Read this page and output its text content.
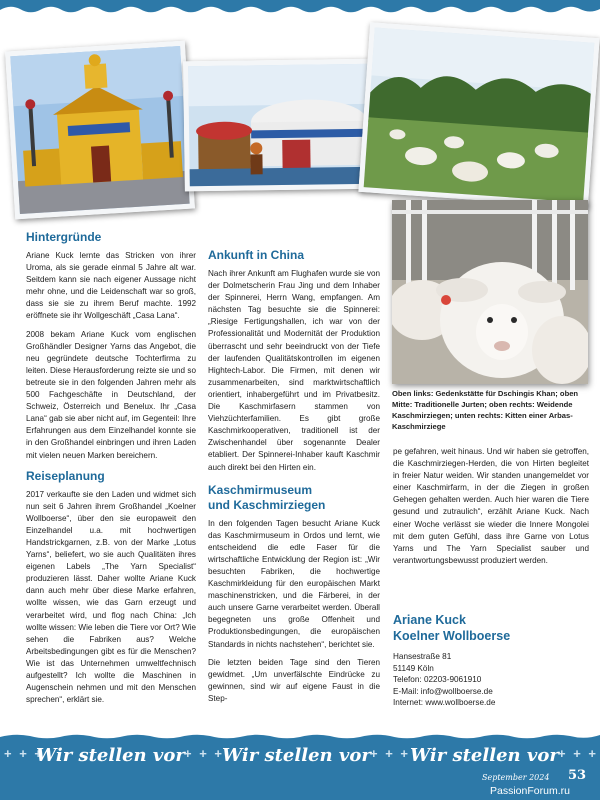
Hintergründe

Ariane Kuck lernte das Stricken von ihrer Uroma, als sie gerade einmal 5 Jahre alt war. Seitdem kann sie nach eigener Aussage nicht mehr ohne, und die Leidenschaft war so groß, dass sie sie zu ihrem Beruf machte. 1992 eröffnete sie ihr Wollgeschäft „Casa Lana“.

2008 bekam Ariane Kuck vom englischen Großhändler Designer Yarns das Angebot, die neu gegründete deutsche Tochterfirma zu leiten. Diese Herausforderung reizte sie und so betreute sie in den folgenden Jahren mehr als 500 Fachgeschäfte in Deutschland, der Schweiz, Österreich und Benelux. Ihr „Casa Lana“ gab sie aber nicht auf, im Gegenteil: Ihre Erfahrungen aus dem Einzelhandel konnte sie in den Großhandel einbringen und ihren Laden mit vielen neuen Marken bereichern.

Reiseplanung

2017 verkaufte sie den Laden und widmet sich nun seit 6 Jahren ihrem Großhandel „Koelner Wollboerse“, über den sie europaweit den Einzelhandel u.a. mit hochwertigen Handstrickgarnen, z.B. von der Marke „Lotus Yarns“, beliefert, wo sie auch Qualitäten ihres eigenen Labels „The Yarn Specialist“ produzieren lässt. Daher wollte Ariane Kuck dann auch mehr über diese Marke erfahren, wollte wissen, wie das Garn erzeugt und verarbeitet wird, und flog nach China: „Ich wollte wissen: Wie leben die Tiere vor Ort? Wie sehen die Fabriken aus? Welche Arbeitsbedingungen gibt es für die Menschen? Wie ist das Unternehmen umweltfechnisch aufgestellt? Ich wollte die Maschinen in Augenschein nehmen und mit den Menschen sprechen“, erklärt sie.

Ankunft in China

Nach ihrer Ankunft am Flughafen wurde sie von der Dolmetscherin Frau Jing und dem Inhaber der Spinnerei, Herrn Wang, empfangen. Am nächsten Tag besuchte sie die Spinnerei: „Riesige Fertigungshallen, ich war von der Professionalität und Modernität der Produktion überrascht und sehr beeindruckt von der Tiefe der laufenden Qualitätskontrollen im eigenen Hightech-Labor. Die Firmen, mit denen wir zusammenarbeiten, sind marktwirtschaftlich orientiert, inhabergeführt und im Privatbesitz. Die Kaschmirfasern stammen von Viehzüchterfamilien. Es gibt große Kaschmirkooperativen, traditionell ist der Zwischenhandel über sogenannte Dealer etabliert. Der Spinnerei-Inhaber kauft Kaschmir auch direkt bei den Hirten ein.

Kaschmirmuseum
und Kaschmirziegen

In den folgenden Tagen besucht Ariane Kuck das Kaschmirmuseum in Ordos und lernt, wie entscheidend die edle Faser für die wirtschaftliche Entwicklung der Region ist: „Wir besuchten Fabriken, die hochwertige Kaschmirkleidung für den europäischen Markt maschinenstricken, und die Färberei, in der auch unsere Garne verarbeitet werden. Überall begegneten uns große Offenheit und Produktionsbedingungen, die europäischen Standards in nichts nachstehen“, berichtet sie.

Die letzten beiden Tage sind den Tieren gewidmet. „Um unverfälschte Eindrücke zu gewinnen, sind wir auf eigene Faust in die Step-

Oben links: Gedenkstätte für Dschingis Khan; oben Mitte: Traditionelle Jurten; oben rechts: Weidende Kaschmirziegen; unten rechts: Kitten einer Arbas-Kaschmirziege

pe gefahren, weit hinaus. Und wir haben sie getroffen, die Kaschmirziegen-Herden, die von Hirten begleitet in freier Natur weiden. Wir standen unangemeldet vor einer Kaschmirfarm, in der die Ziegen in großen Gehegen gehalten werden. Auch hier waren die Tiere gesund und zutraulich“, erzählt Ariane Kuck. Nach einer Woche verlässt sie wieder die Innere Mongolei mit dem guten Gefühl, dass ihre Garne von Lotus Yarns und The Yarn Specialist sauber und verantwortungsbewusst produziert werden.

Ariane Kuck
Koelner Wollboerse
Hansestraße 81
51149 Köln
Telefon: 02203-9061910
E-Mail: info@wollboerse.de
Internet: www.wollboerse.de
+ + +
Wir stellen vor + + +
Wir stellen vor + + + Wir stellen vor + + +
September 2024 53
PassionForum.ru
